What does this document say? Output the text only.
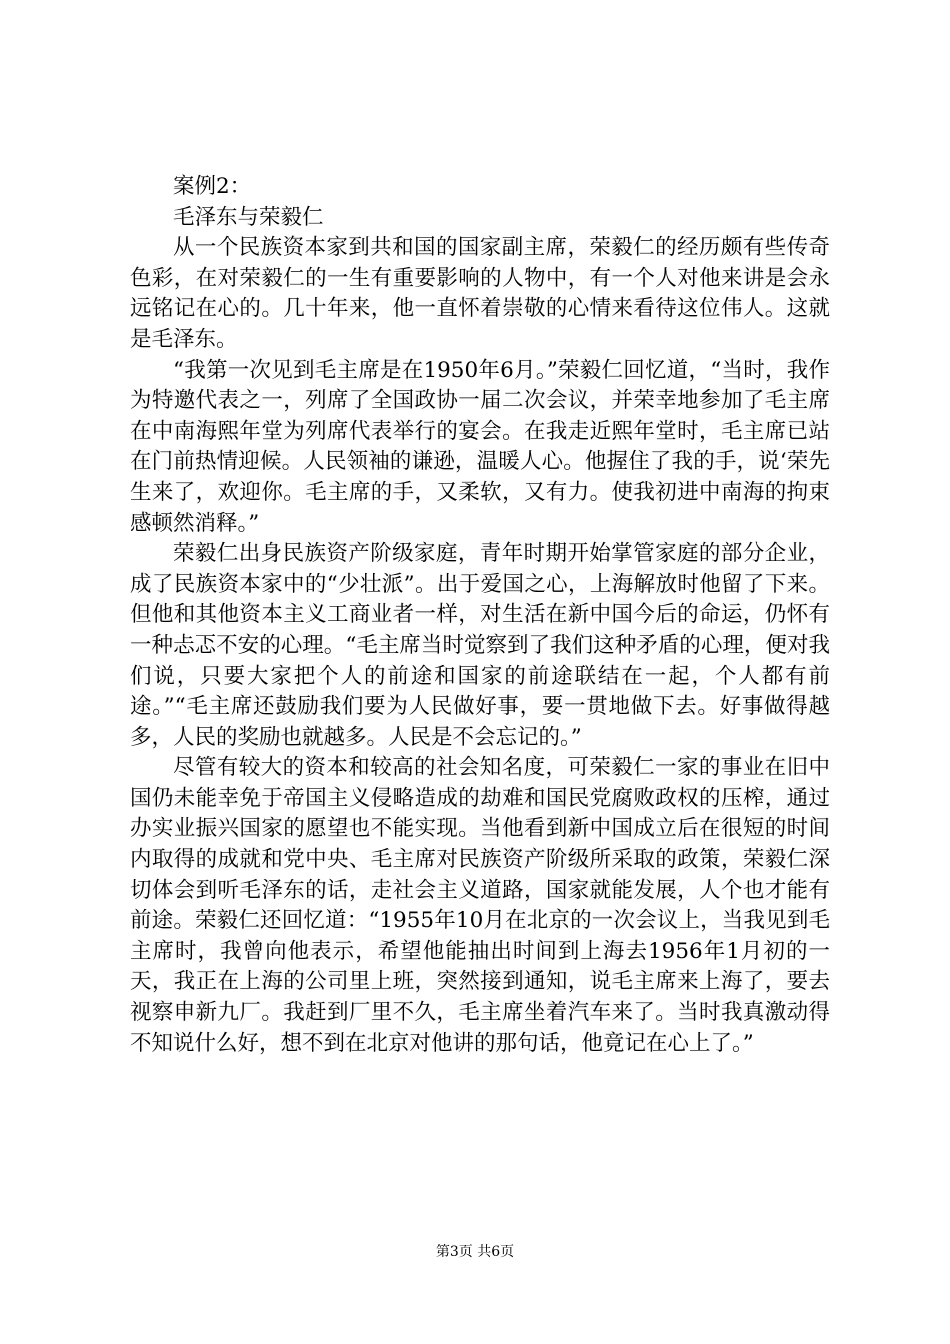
案例2：

毛泽东与荣毅仁

从一个民族资本家到共和国的国家副主席，荣毅仁的经历颇有些传奇色彩，在对荣毅仁的一生有重要影响的人物中，有一个人对他来讲是会永远铭记在心的。几十年来，他一直怀着崇敬的心情来看待这位伟人。这就是毛泽东。

“我第一次见到毛主席是在1950年6月。”荣毅仁回忆道，“当时，我作为特邀代表之一，列席了全国政协一届二次会议，并荣幸地参加了毛主席在中南海熙年堂为列席代表举行的宴会。在我走近熙年堂时，毛主席已站在门前热情迎候。人民领袖的谦逊，温暖人心。他握住了我的手，说‘荣先生来了，欢迎你。毛主席的手，又柔软，又有力。使我初进中南海的拘束感顿然消释。”

荣毅仁出身民族资产阶级家庭，青年时期开始掌管家庭的部分企业，成了民族资本家中的“少壮派”。出于爱国之心，上海解放时他留了下来。但他和其他资本主义工商业者一样，对生活在新中国今后的命运，仍怀有一种忐忑不安的心理。“毛主席当时觉察到了我们这种矛盾的心理，便对我们说，只要大家把个人的前途和国家的前途联结在一起，个人都有前途。”“毛主席还鼓励我们要为人民做好事，要一贯地做下去。好事做得越多，人民的奖励也就越多。人民是不会忘记的。”

尽管有较大的资本和较高的社会知名度，可荣毅仁一家的事业在旧中国仍未能幸免于帝国主义侵略造成的劫难和国民党腐败政权的压榨，通过办实业振兴国家的愿望也不能实现。当他看到新中国成立后在很短的时间内取得的成就和党中央、毛主席对民族资产阶级所采取的政策，荣毅仁深切体会到听毛泽东的话，走社会主义道路，国家就能发展，人个也才能有前途。荣毅仁还回忆道：“1955年10月在北京的一次会议上，当我见到毛主席时，我曾向他表示，希望他能抽出时间到上海去1956年1月初的一天，我正在上海的公司里上班，突然接到通知，说毛主席来上海了，要去视察申新九厂。我赶到厂里不久，毛主席坐着汽车来了。当时我真激动得不知说什么好，想不到在北京对他讲的那句话，他竟记在心上了。”

第3页 共6页
